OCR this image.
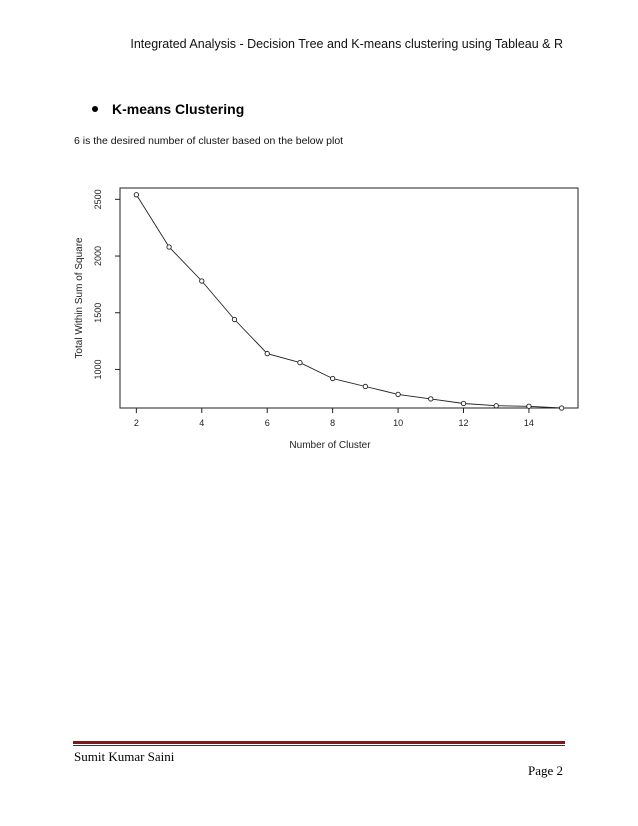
Integrated Analysis - Decision Tree and K-means clustering using Tableau & R
K-means Clustering
6 is the desired number of cluster based on the below plot
2	4	6	8	10	12	14
1000
1500
2000
2500
Number of Cluster
Total Within Sum of Square
Sumit Kumar Saini
Page 2
